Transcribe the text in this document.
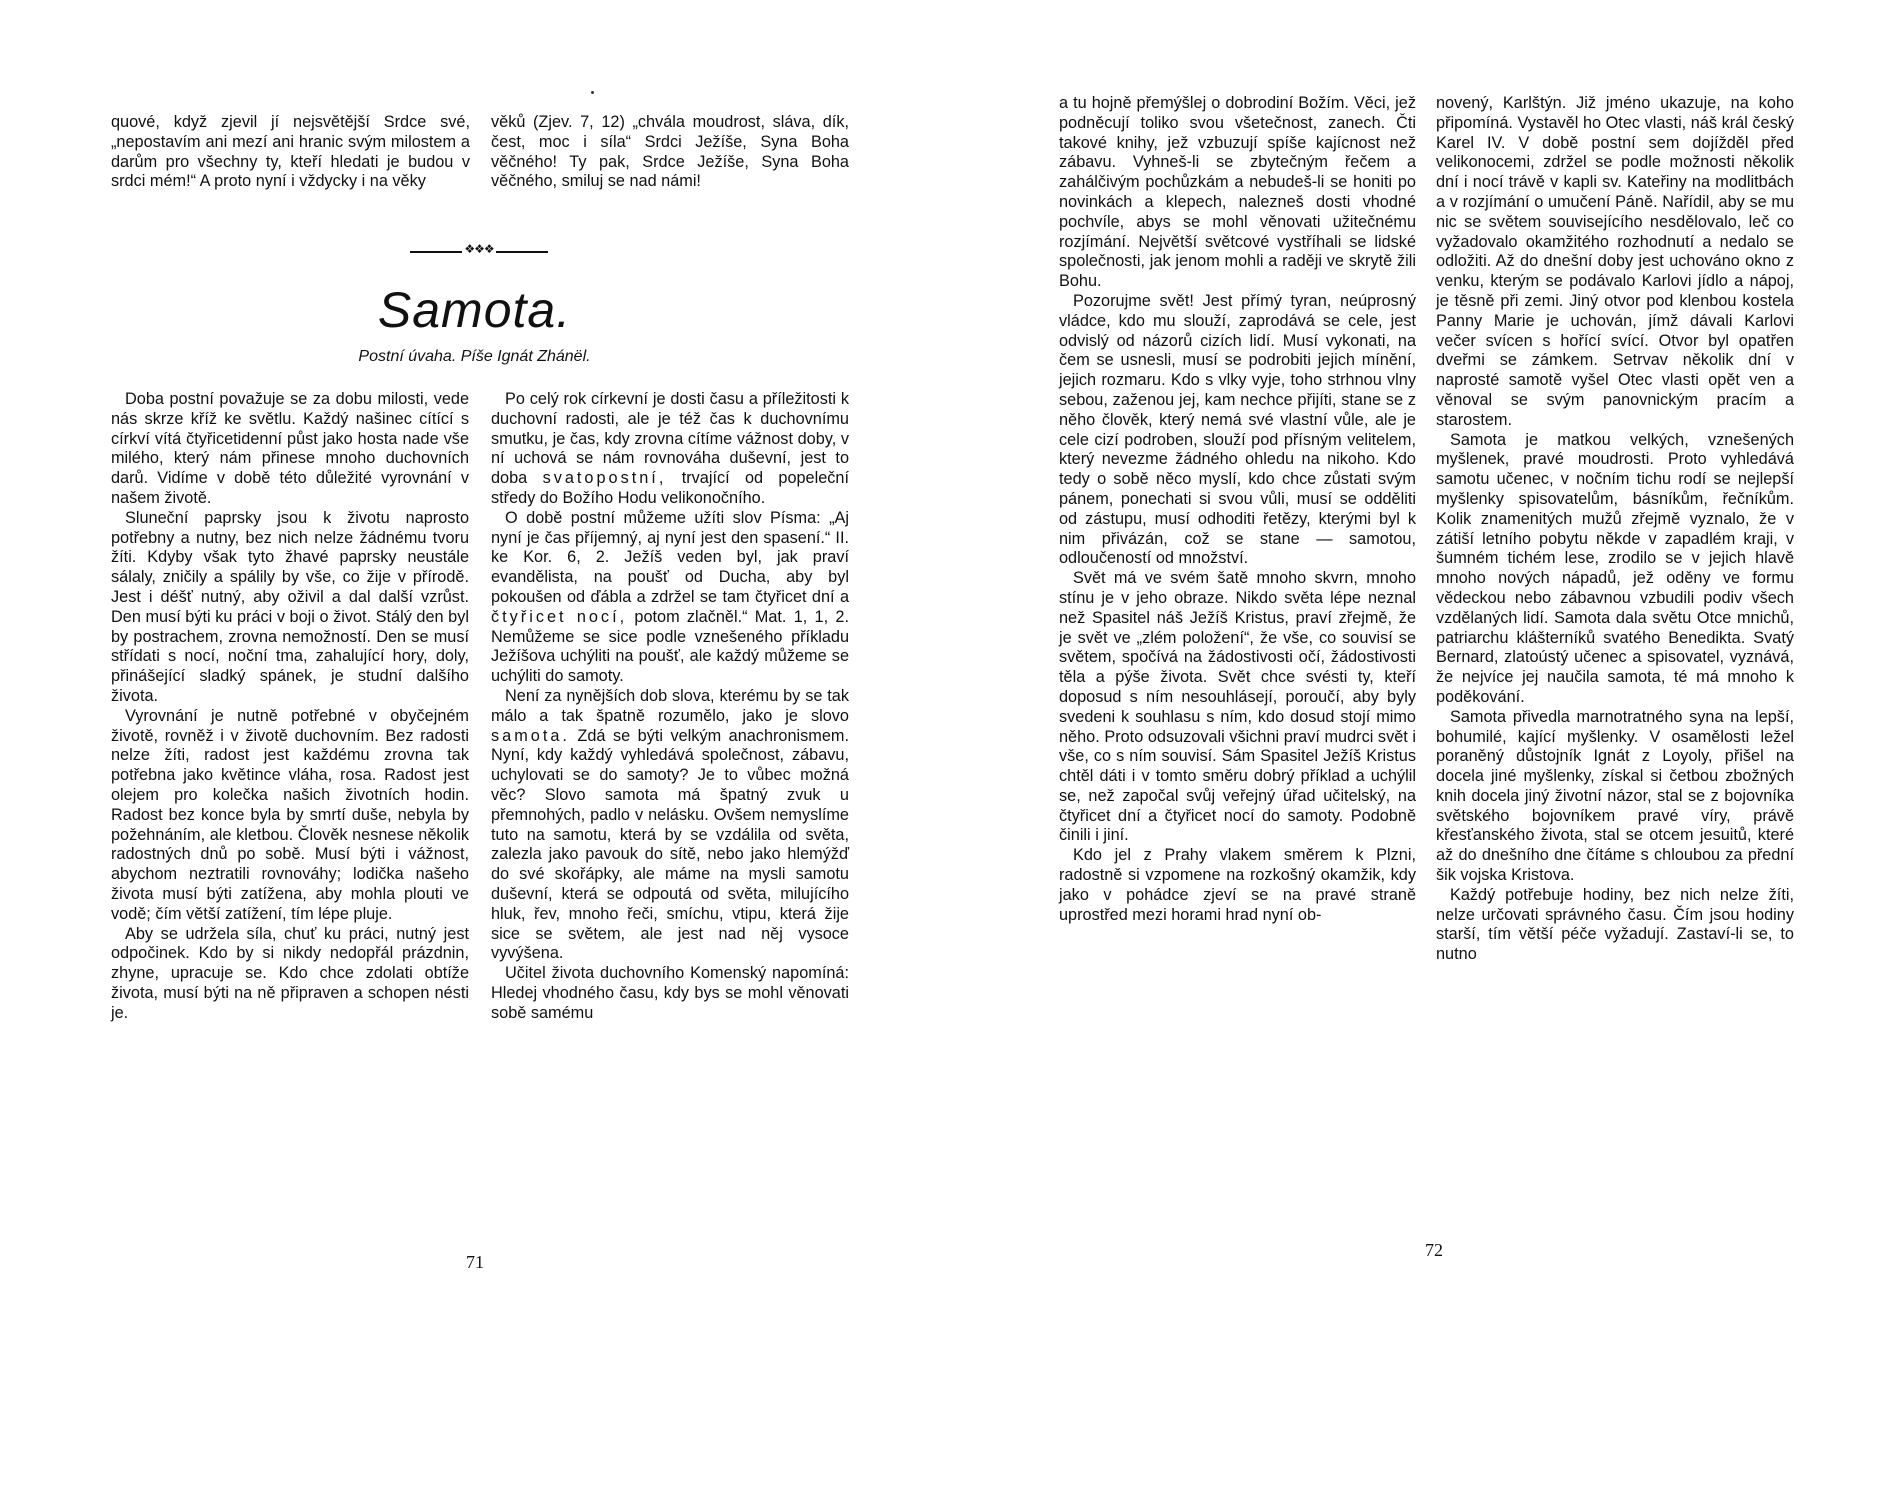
quové, když zjevil jí nejsvětější Srdce své, „nepostavím ani mezí ani hranic svým milostem a darům pro všechny ty, kteří hledati je budou v srdci mém!“ A proto nyní i vždycky i na věky

věků (Zjev. 7, 12) „chvála moudrost, sláva, dík, čest, moc i síla“ Srdci Ježíše, Syna Boha věčného! Ty pak, Srdce Ježíše, Syna Boha věčného, smiluj se nad námi!

❖❖❖
Samota.
Postní úvaha. Píše Ignát Zhánël.

Doba postní považuje se za dobu milosti, vede nás skrze kříž ke světlu. Každý našinec cítící s církví vítá čtyřicetidenní půst jako hosta nade vše milého, který nám přinese mnoho duchovních darů. Vidíme v době této důležité vyrovnání v našem životě.

Sluneční paprsky jsou k životu naprosto potřebny a nutny, bez nich nelze žádnému tvoru žíti. Kdyby však tyto žhavé paprsky neustále sálaly, zničily a spálily by vše, co žije v přírodě. Jest i déšť nutný, aby oživil a dal další vzrůst. Den musí býti ku práci v boji o život. Stálý den byl by postrachem, zrovna nemožností. Den se musí střídati s nocí, noční tma, zahalující hory, doly, přinášející sladký spánek, je studní dalšího života.

Vyrovnání je nutně potřebné v obyčejném životě, rovněž i v životě duchovním. Bez radosti nelze žíti, radost jest každému zrovna tak potřebna jako květince vláha, rosa. Radost jest olejem pro kolečka našich životních hodin. Radost bez konce byla by smrtí duše, nebyla by požehnáním, ale kletbou. Člověk nesnese několik radostných dnů po sobě. Musí býti i vážnost, abychom neztratili rovnováhy; lodička našeho života musí býti zatížena, aby mohla plouti ve vodě; čím větší zatížení, tím lépe pluje.

Aby se udržela síla, chuť ku práci, nutný jest odpočinek. Kdo by si nikdy nedopřál prázdnin, zhyne, upracuje se. Kdo chce zdolati obtíže života, musí býti na ně připraven a schopen nésti je.

Po celý rok církevní je dosti času a příležitosti k duchovní radosti, ale je též čas k duchovnímu smutku, je čas, kdy zrovna cítíme vážnost doby, v ní uchová se nám rovnováha duševní, jest to doba svatopostní, trvající od popeleční středy do Božího Hodu velikonočního.

O době postní můžeme užíti slov Písma: „Aj nyní je čas příjemný, aj nyní jest den spasení.“ II. ke Kor. 6, 2. Ježíš veden byl, jak praví evandělista, na poušť od Ducha, aby byl pokoušen od ďábla a zdržel se tam čtyřicet dní a čtyřicet nocí, potom zlačněl.“ Mat. 1, 1, 2. Nemůžeme se sice podle vznešeného příkladu Ježíšova uchýliti na poušť, ale každý můžeme se uchýliti do samoty.

Není za nynějších dob slova, kterému by se tak málo a tak špatně rozumělo, jako je slovo samota. Zdá se býti velkým anachronismem. Nyní, kdy každý vyhledává společnost, zábavu, uchylovati se do samoty? Je to vůbec možná věc? Slovo samota má špatný zvuk u přemnohých, padlo v nelásku. Ovšem nemyslíme tuto na samotu, která by se vzdálila od světa, zalezla jako pavouk do sítě, nebo jako hlemýžď do své skořápky, ale máme na mysli samotu duševní, která se odpoutá od světa, milujícího hluk, řev, mnoho řeči, smíchu, vtipu, která žije sice se světem, ale jest nad něj vysoce vyvýšena.

Učitel života duchovního Komenský napomíná: Hledej vhodného času, kdy bys se mohl věnovati sobě samému

71

a tu hojně přemýšlej o dobrodiní Božím. Věci, jež podněcují toliko svou všetečnost, zanech. Čti takové knihy, jež vzbuzují spíše kajícnost než zábavu. Vyhneš-li se zbytečným řečem a zahálčivým pochůzkám a nebudeš-li se honiti po novinkách a klepech, nalezneš dosti vhodné pochvíle, abys se mohl věnovati užitečnému rozjímání. Největší světcové vystříhali se lidské společnosti, jak jenom mohli a raději ve skrytě žili Bohu.

Pozorujme svět! Jest přímý tyran, neúprosný vládce, kdo mu slouží, zaprodává se cele, jest odvislý od názorů cizích lidí. Musí vykonati, na čem se usnesli, musí se podrobiti jejich mínění, jejich rozmaru. Kdo s vlky vyje, toho strhnou vlny sebou, zaženou jej, kam nechce přijíti, stane se z něho člověk, který nemá své vlastní vůle, ale je cele cizí podroben, slouží pod přísným velitelem, který nevezme žádného ohledu na nikoho. Kdo tedy o sobě něco myslí, kdo chce zůstati svým pánem, ponechati si svou vůli, musí se odděliti od zástupu, musí odhoditi řetězy, kterými byl k nim přivázán, což se stane — samotou, odloučeností od množství.

Svět má ve svém šatě mnoho skvrn, mnoho stínu je v jeho obraze. Nikdo světa lépe neznal než Spasitel náš Ježíš Kristus, praví zřejmě, že je svět ve „zlém položení“, že vše, co souvisí se světem, spočívá na žádostivosti očí, žádostivosti těla a pýše života. Svět chce svésti ty, kteří doposud s ním nesouhlásejí, poroučí, aby byly svedeni k souhlasu s ním, kdo dosud stojí mimo něho. Proto odsuzovali všichni praví mudrci svět i vše, co s ním souvisí. Sám Spasitel Ježíš Kristus chtěl dáti i v tomto směru dobrý příklad a uchýlil se, než započal svůj veřejný úřad učitelský, na čtyřicet dní a čtyřicet nocí do samoty. Podobně činili i jiní.

Kdo jel z Prahy vlakem směrem k Plzni, radostně si vzpomene na rozkošný okamžik, kdy jako v pohádce zjeví se na pravé straně uprostřed mezi horami hrad nyní ob-

novený, Karlštýn. Již jméno ukazuje, na koho připomíná. Vystavěl ho Otec vlasti, náš král český Karel IV. V době postní sem dojížděl před velikonocemi, zdržel se podle možnosti několik dní i nocí trávě v kapli sv. Kateřiny na modlitbách a v rozjímání o umučení Páně. Nařídil, aby se mu nic se světem souvisejícího nesdělovalo, leč co vyžadovalo okamžitého rozhodnutí a nedalo se odložiti. Až do dnešní doby jest uchováno okno z venku, kterým se podávalo Karlovi jídlo a nápoj, je těsně při zemi. Jiný otvor pod klenbou kostela Panny Marie je uchován, jímž dávali Karlovi večer svícen s hořící svící. Otvor byl opatřen dveřmi se zámkem. Setrvav několik dní v naprosté samotě vyšel Otec vlasti opět ven a věnoval se svým panovnickým pracím a starostem.

Samota je matkou velkých, vznešených myšlenek, pravé moudrosti. Proto vyhledává samotu učenec, v nočním tichu rodí se nejlepší myšlenky spisovatelům, básníkům, řečníkům. Kolik znamenitých mužů zřejmě vyznalo, že v zátiší letního pobytu někde v zapadlém kraji, v šumném tichém lese, zrodilo se v jejich hlavě mnoho nových nápadů, jež oděny ve formu vědeckou nebo zábavnou vzbudili podiv všech vzdělaných lidí. Samota dala světu Otce mnichů, patriarchu klášterníků svatého Benedikta. Svatý Bernard, zlatoústý učenec a spisovatel, vyznává, že nejvíce jej naučila samota, té má mnoho k poděkování.

Samota přivedla marnotratného syna na lepší, bohumilé, kající myšlenky. V osamělosti ležel poraněný důstojník Ignát z Loyoly, přišel na docela jiné myšlenky, získal si četbou zbožných knih docela jiný životní názor, stal se z bojovníka světského bojovníkem pravé víry, právě křesťanského života, stal se otcem jesuitů, které až do dnešního dne čítáme s chloubou za přední šik vojska Kristova.

Každý potřebuje hodiny, bez nich nelze žíti, nelze určovati správného času. Čím jsou hodiny starší, tím větší péče vyžadují. Zastaví-li se, to nutno

72
